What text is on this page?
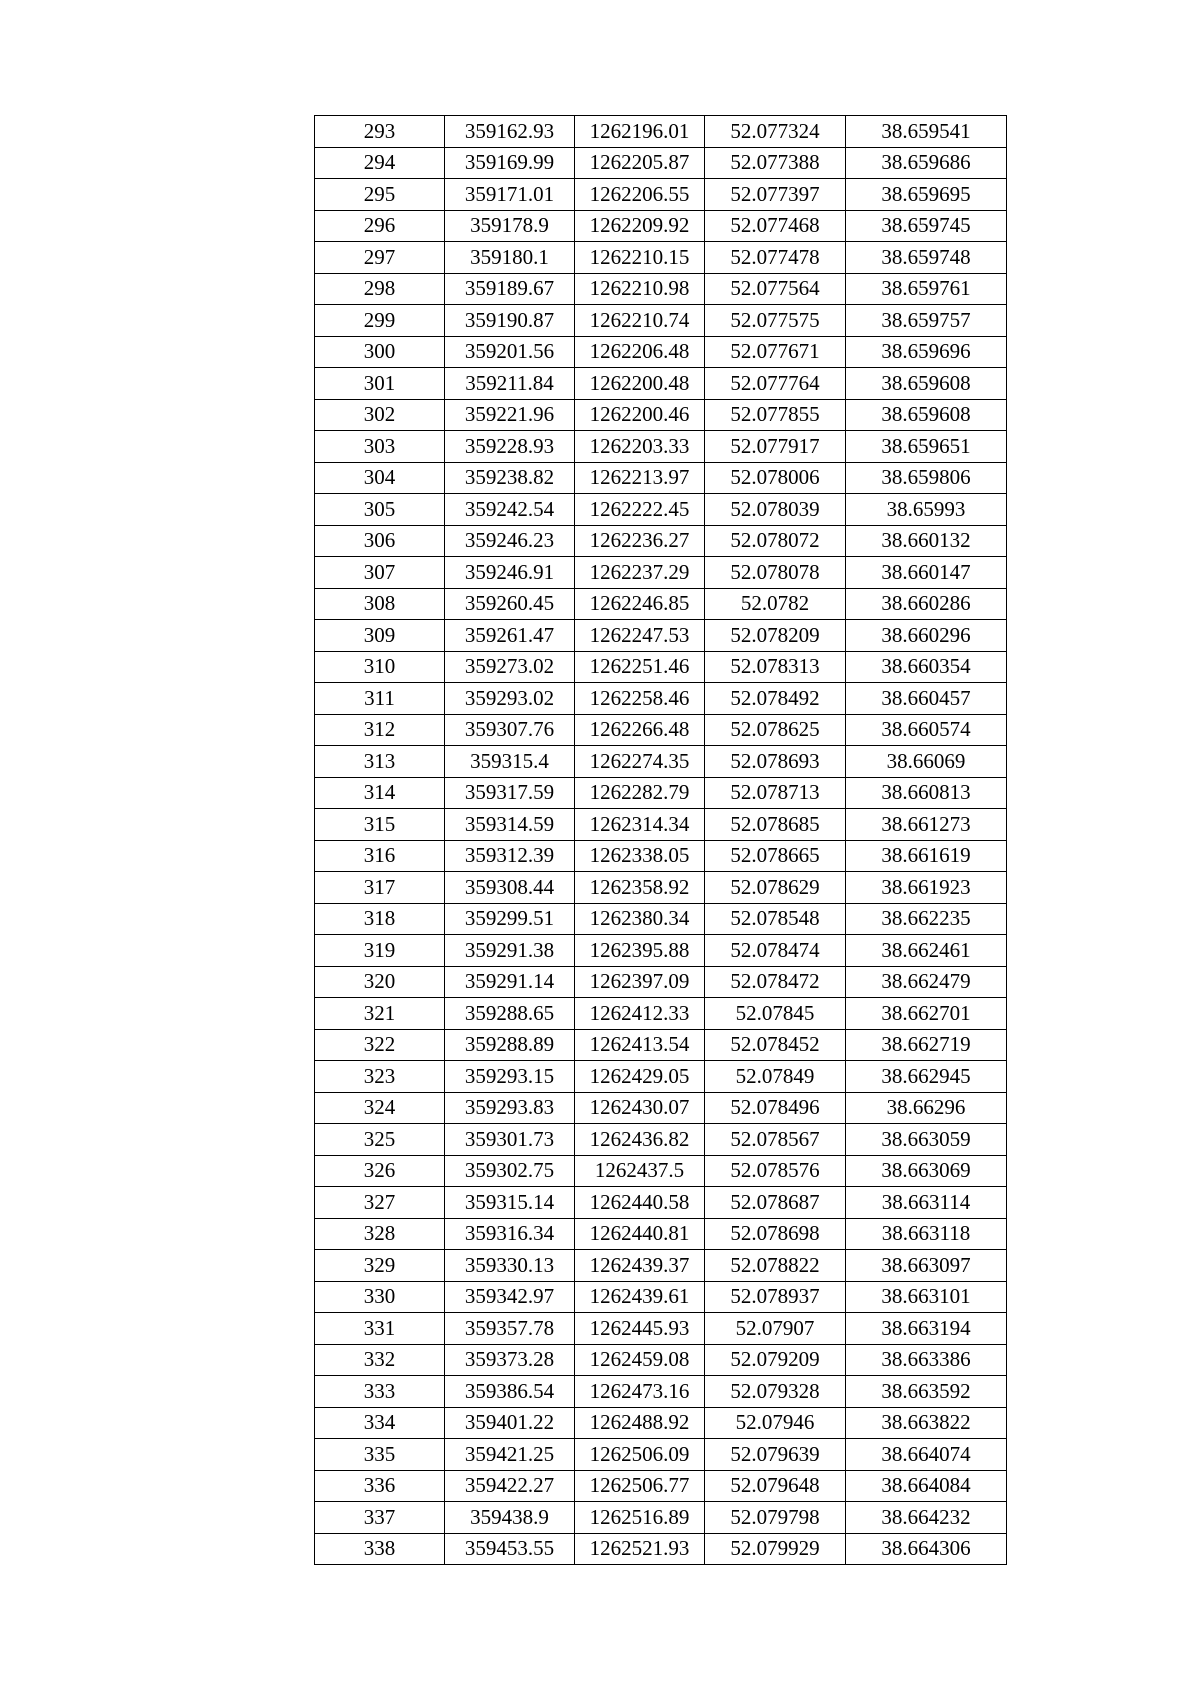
293	359162.93	1262196.01	52.077324	38.659541
294	359169.99	1262205.87	52.077388	38.659686
295	359171.01	1262206.55	52.077397	38.659695
296	359178.9	1262209.92	52.077468	38.659745
297	359180.1	1262210.15	52.077478	38.659748
298	359189.67	1262210.98	52.077564	38.659761
299	359190.87	1262210.74	52.077575	38.659757
300	359201.56	1262206.48	52.077671	38.659696
301	359211.84	1262200.48	52.077764	38.659608
302	359221.96	1262200.46	52.077855	38.659608
303	359228.93	1262203.33	52.077917	38.659651
304	359238.82	1262213.97	52.078006	38.659806
305	359242.54	1262222.45	52.078039	38.65993
306	359246.23	1262236.27	52.078072	38.660132
307	359246.91	1262237.29	52.078078	38.660147
308	359260.45	1262246.85	52.0782	38.660286
309	359261.47	1262247.53	52.078209	38.660296
310	359273.02	1262251.46	52.078313	38.660354
311	359293.02	1262258.46	52.078492	38.660457
312	359307.76	1262266.48	52.078625	38.660574
313	359315.4	1262274.35	52.078693	38.66069
314	359317.59	1262282.79	52.078713	38.660813
315	359314.59	1262314.34	52.078685	38.661273
316	359312.39	1262338.05	52.078665	38.661619
317	359308.44	1262358.92	52.078629	38.661923
318	359299.51	1262380.34	52.078548	38.662235
319	359291.38	1262395.88	52.078474	38.662461
320	359291.14	1262397.09	52.078472	38.662479
321	359288.65	1262412.33	52.07845	38.662701
322	359288.89	1262413.54	52.078452	38.662719
323	359293.15	1262429.05	52.07849	38.662945
324	359293.83	1262430.07	52.078496	38.66296
325	359301.73	1262436.82	52.078567	38.663059
326	359302.75	1262437.5	52.078576	38.663069
327	359315.14	1262440.58	52.078687	38.663114
328	359316.34	1262440.81	52.078698	38.663118
329	359330.13	1262439.37	52.078822	38.663097
330	359342.97	1262439.61	52.078937	38.663101
331	359357.78	1262445.93	52.07907	38.663194
332	359373.28	1262459.08	52.079209	38.663386
333	359386.54	1262473.16	52.079328	38.663592
334	359401.22	1262488.92	52.07946	38.663822
335	359421.25	1262506.09	52.079639	38.664074
336	359422.27	1262506.77	52.079648	38.664084
337	359438.9	1262516.89	52.079798	38.664232
338	359453.55	1262521.93	52.079929	38.664306
